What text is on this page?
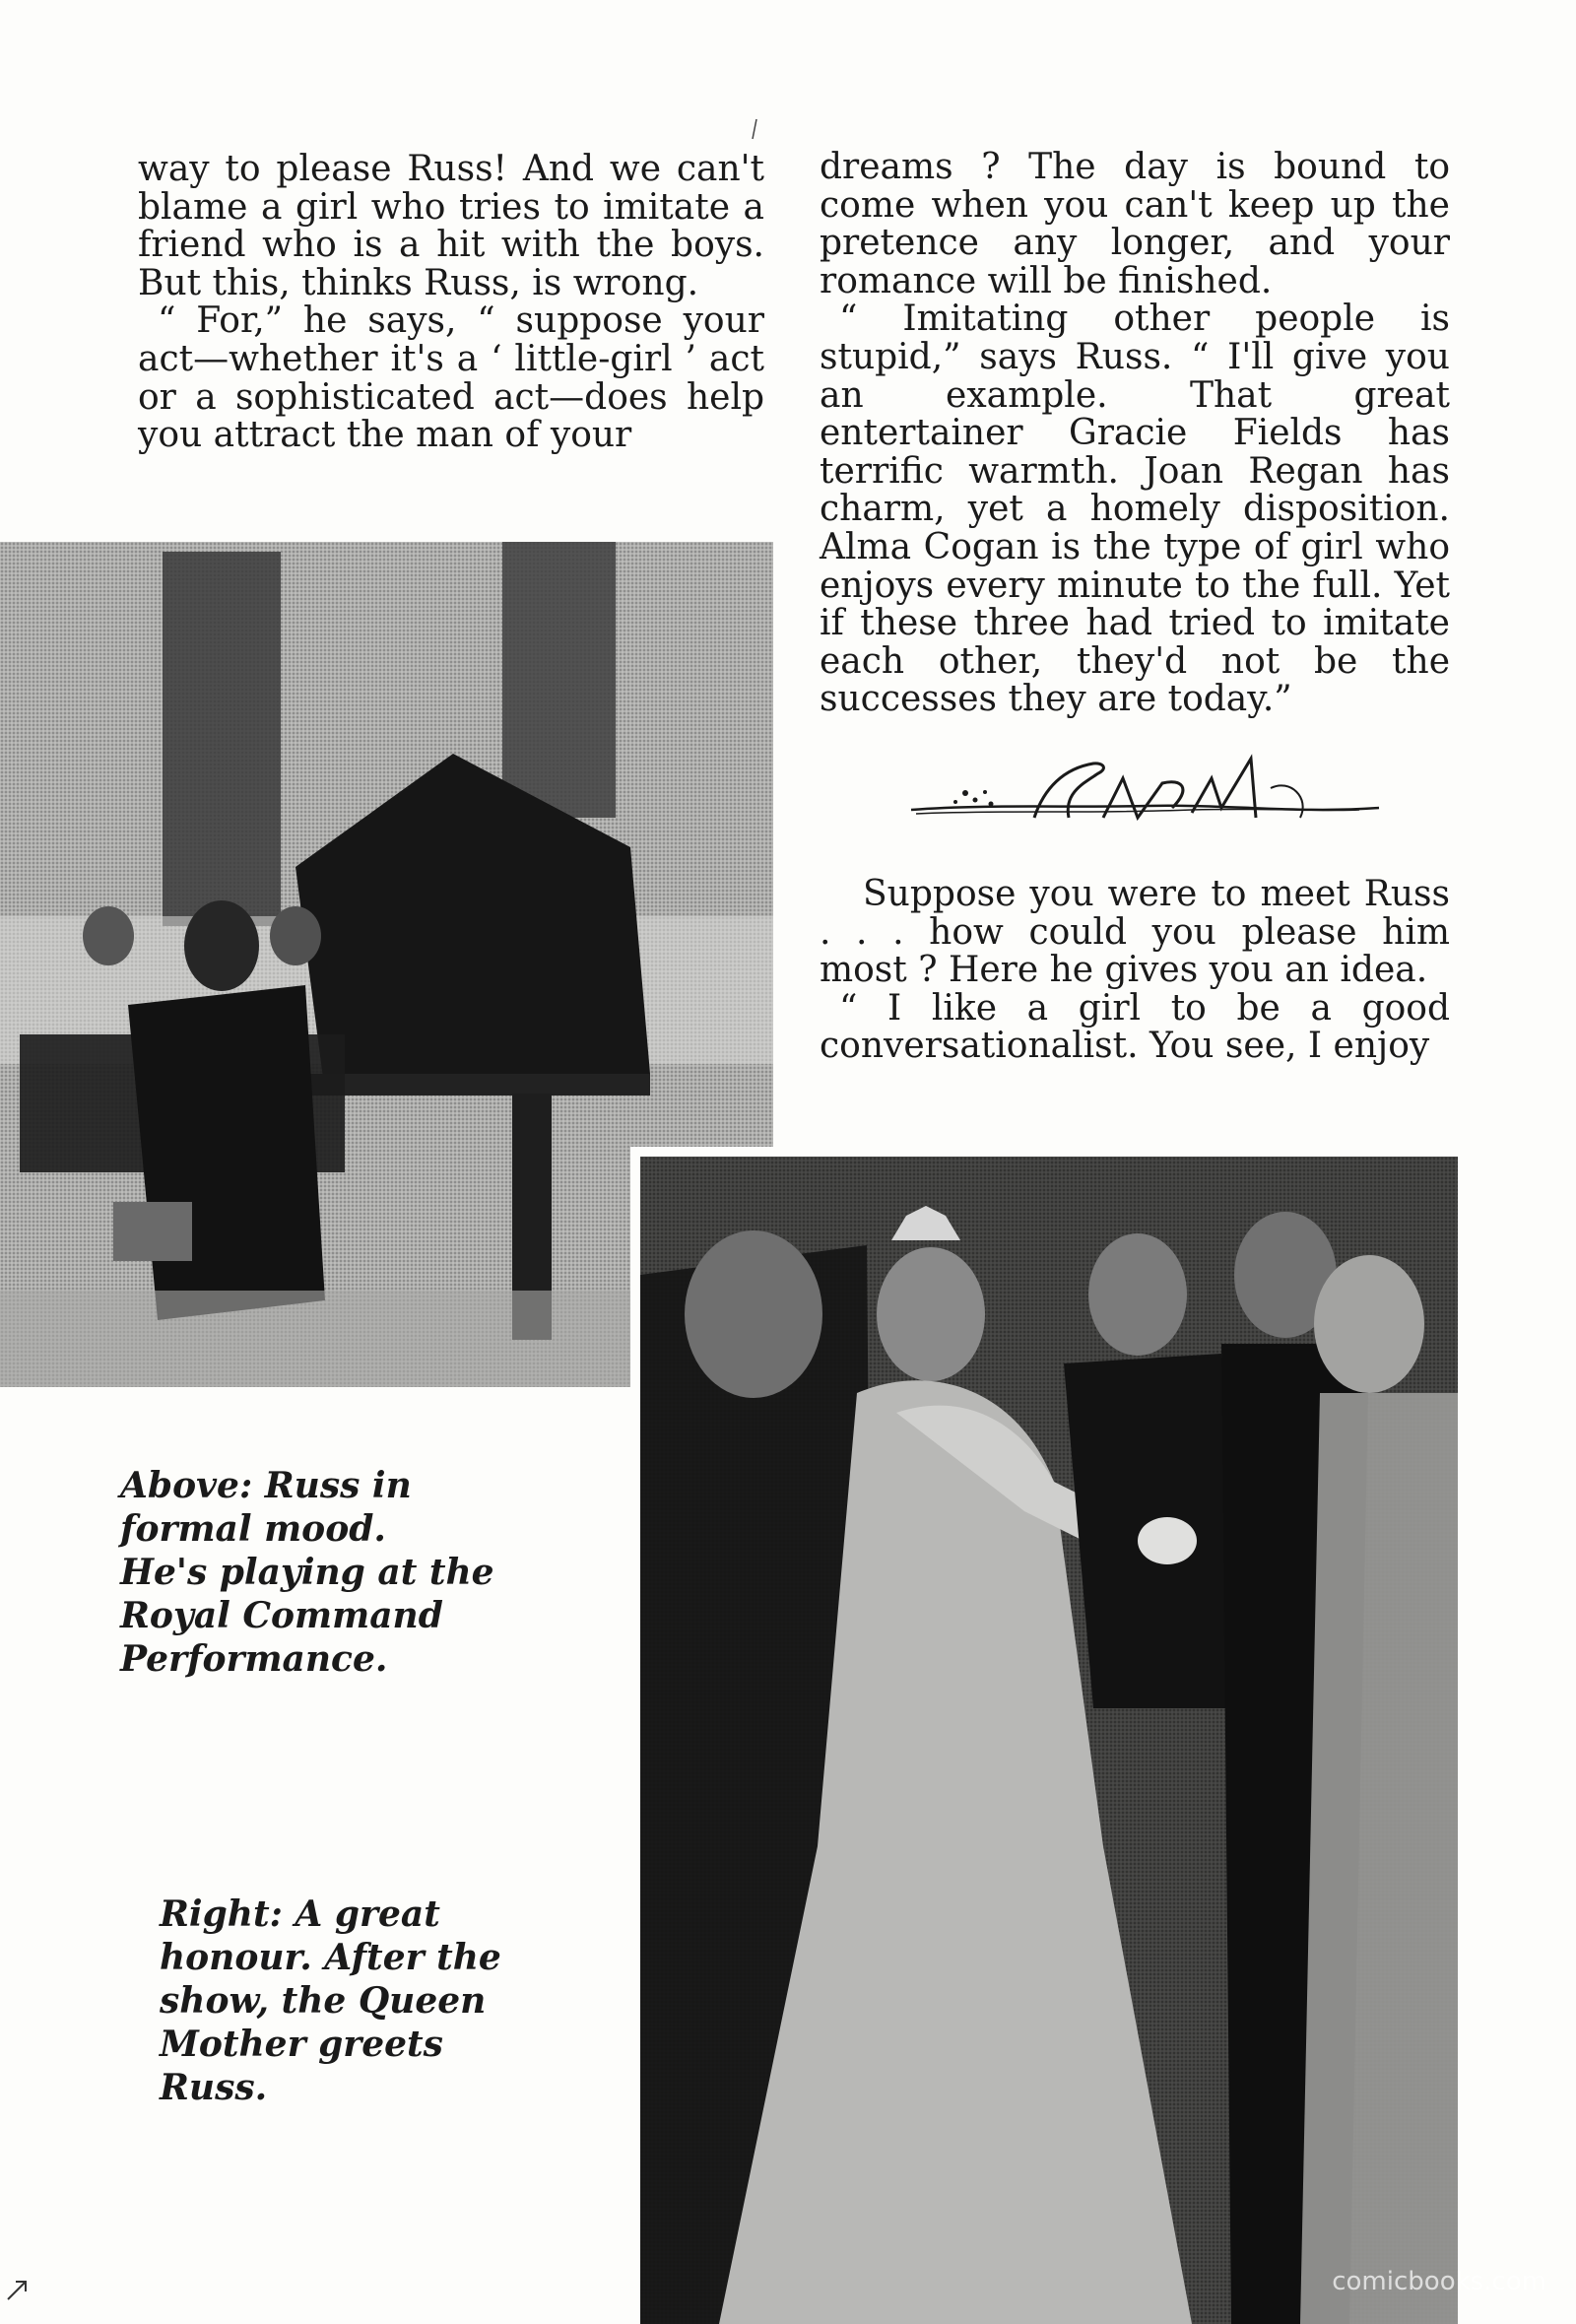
way to please Russ! And we can't blame a girl who tries to imitate a friend who is a hit with the boys. But this, thinks Russ, is wrong.

“ For,” he says, “ suppose your act—whether it's a ‘ little-girl ’ act or a sophisticated act—does help you attract the man of your

dreams ? The day is bound to come when you can't keep up the pretence any longer, and your romance will be finished.

“ Imitating other people is stupid,” says Russ. “ I'll give you an example. That great entertainer Gracie Fields has terrific warmth. Joan Regan has charm, yet a homely disposition. Alma Cogan is the type of girl who enjoys every minute to the full. Yet if these three had tried to imitate each other, they'd not be the successes they are today.”

Suppose you were to meet Russ . . . how could you please him most ? Here he gives you an idea.

“ I like a girl to be a good conversationalist. You see, I enjoy

Above: Russ in
formal mood.
He's playing at the
Royal Command
Performance.
Right: A great
honour. After the
show, the Queen
Mother greets
Russ.
comicbooks.com
